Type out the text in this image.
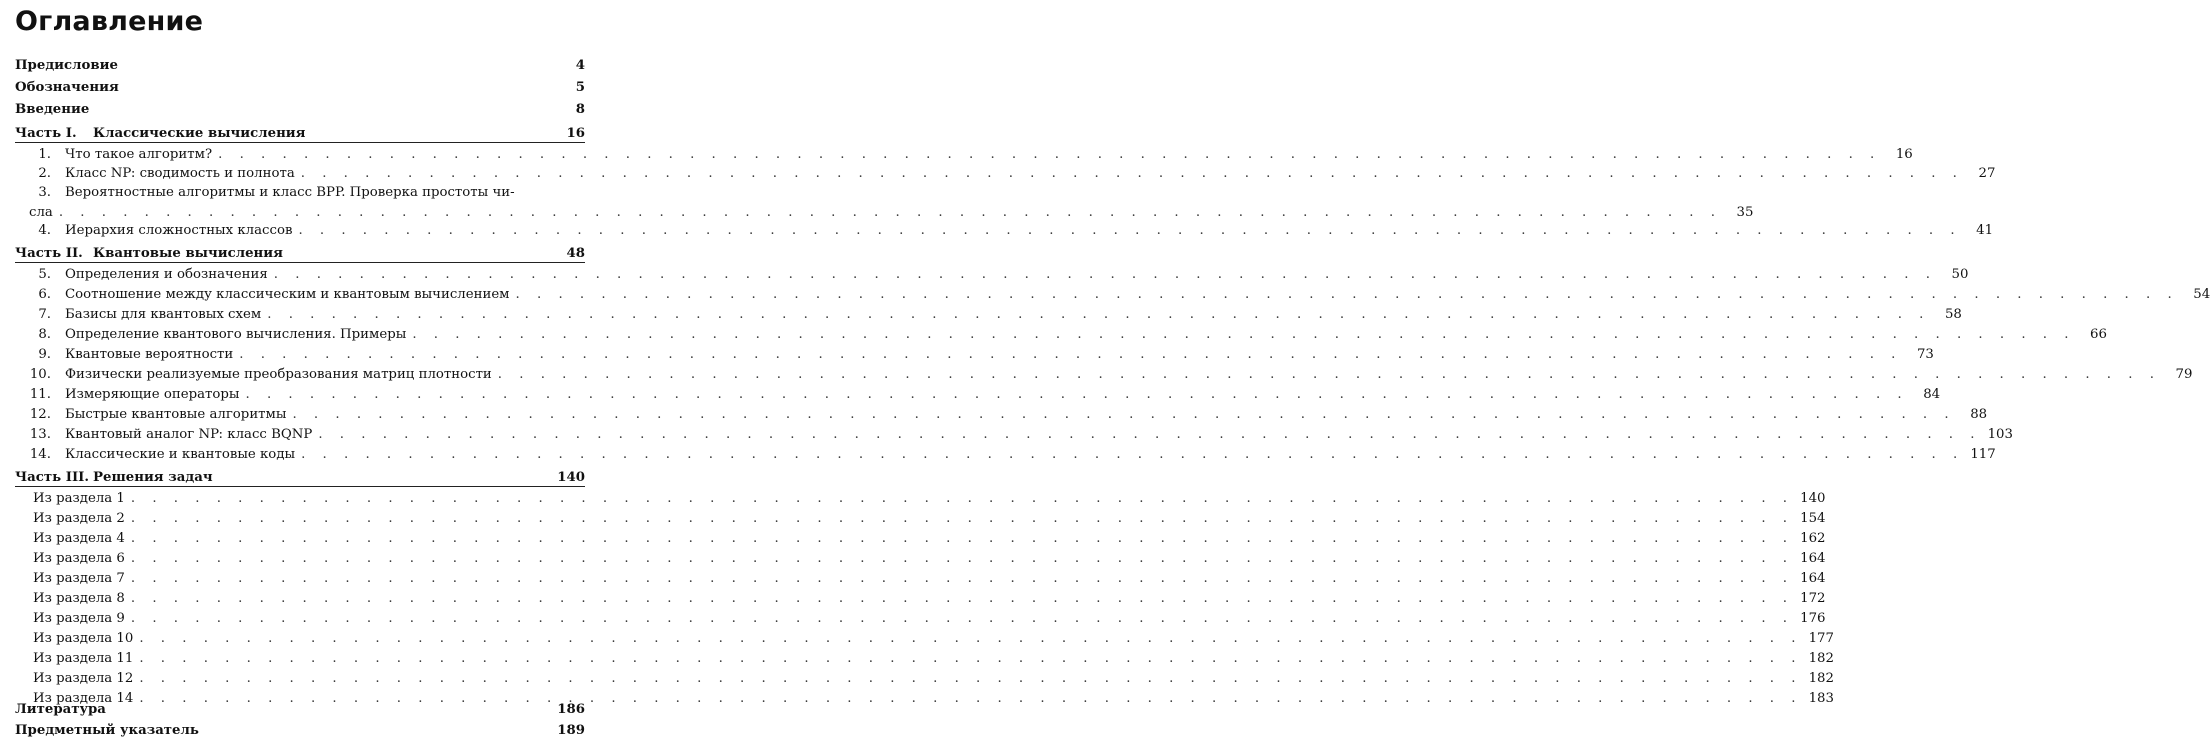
Оглавление
Предисловие	4
Обозначения	5
Введение	8
Часть I.	Классические вычисления	16
1. Что такое алгоритм? . . .	16
2. Класс NP: сводимость и полнота . . .	27
3. Вероятностные алгоритмы и класс BPP. Проверка простоты чи-
сла . . .	35
4. Иерархия сложностных классов . . .	41
Часть II. Квантовые вычисления	48
5. Определения и обозначения . . .	50
6. Соотношение между классическим и квантовым вычислением . . .	54
7. Базисы для квантовых схем . . .	58
8. Определение квантового вычисления. Примеры . . .	66
9. Квантовые вероятности . . .	73
10. Физически реализуемые преобразования матриц плотности . . .	79
11. Измеряющие операторы . . .	84
12. Быстрые квантовые алгоритмы . . .	88
13. Квантовый аналог NP: класс BQNP . . .	103
14. Классические и квантовые коды . . .	117
Часть III. Решения задач	140
Из раздела 1 . . .	140
Из раздела 2 . . .	154
Из раздела 4 . . .	162
Из раздела 6 . . .	164
Из раздела 7 . . .	164
Из раздела 8 . . .	172
Из раздела 9 . . .	176
Из раздела 10 . . .	177
Из раздела 11 . . .	182
Из раздела 12 . . .	182
Из раздела 14 . . .	183
Литература	186
Предметный указатель	189
